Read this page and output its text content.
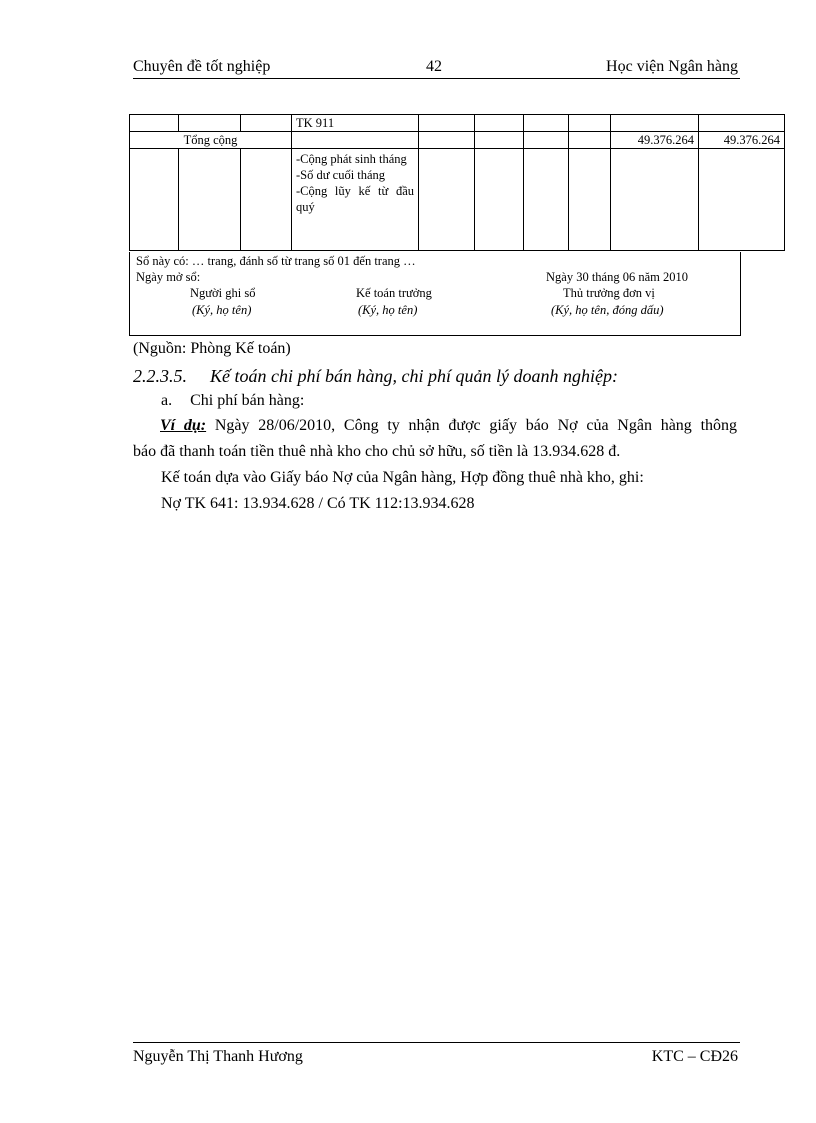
Chuyên đề tốt nghiệp	42	Học viện Ngân hàng
			TK 911						
Tổng cộng								49.376.264	49.376.264

			-Cộng phát sinh tháng
-Số dư cuối tháng
-Cộng lũy kế từ đầu quý						

Sổ này có: … trang, đánh số từ trang số 01 đến trang …
Ngày mở sổ:	Ngày 30 tháng 06 năm 2010
Người ghi sổ	Kế toán trưởng	Thủ trưởng đơn vị
(Ký, họ tên)	(Ký, họ tên)	(Ký, họ tên, đóng dấu)
(Nguồn: Phòng Kế toán)
2.2.3.5. Kế toán chi phí bán hàng, chi phí quản lý doanh nghiệp:
a. Chi phí bán hàng:
Ví dụ: Ngày 28/06/2010, Công ty nhận được giấy báo Nợ của Ngân hàng thông
báo đã thanh toán tiền thuê nhà kho cho chủ sở hữu, số tiền là 13.934.628 đ.
Kế toán dựa vào Giấy báo Nợ của Ngân hàng, Hợp đồng thuê nhà kho, ghi:
Nợ TK 641: 13.934.628 / Có TK 112:13.934.628
Nguyễn Thị Thanh Hương	KTC – CĐ26
